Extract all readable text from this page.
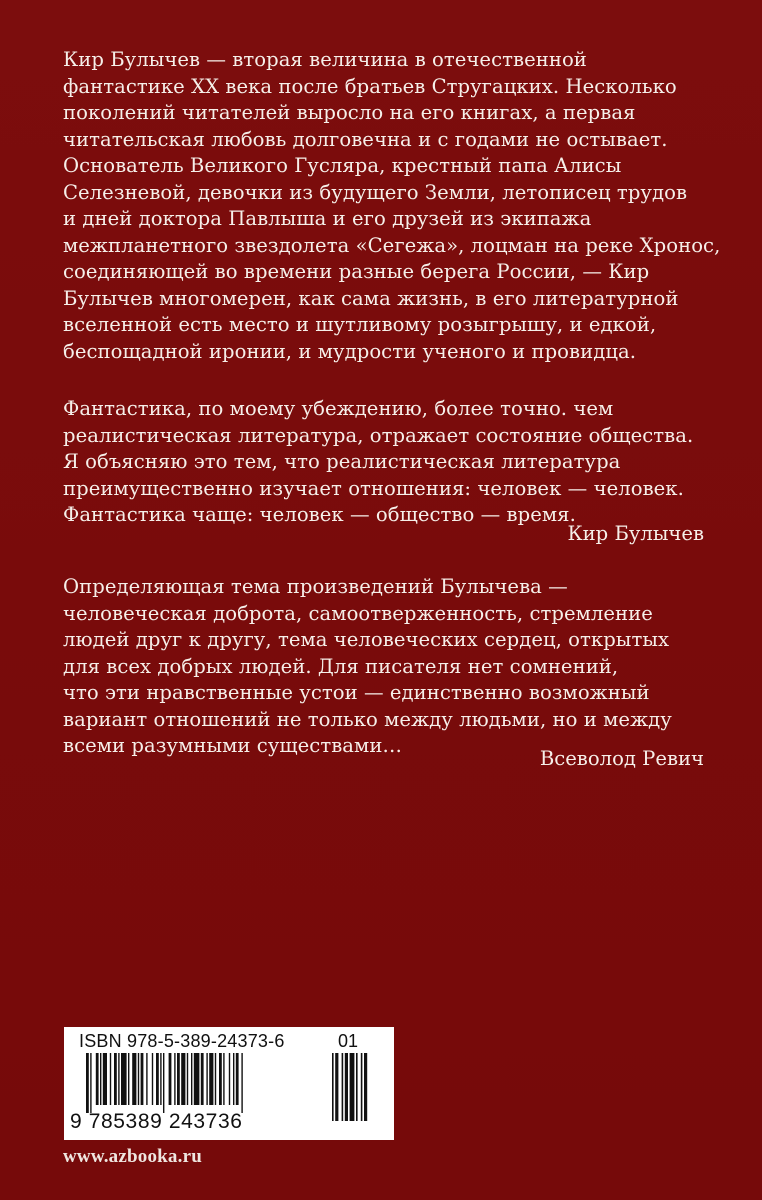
Кир Булычев — вторая величина в отечественной
фантастике XX века после братьев Стругацких. Несколько
поколений читателей выросло на его книгах, а первая
читательская любовь долговечна и с годами не остывает.
Основатель Великого Гусляра, крестный папа Алисы
Селезневой, девочки из будущего Земли, летописец трудов
и дней доктора Павлыша и его друзей из экипажа
межпланетного звездолета «Сегежа», лоцман на реке Хронос,
соединяющей во времени разные берега России, — Кир
Булычев многомерен, как сама жизнь, в его литературной
вселенной есть место и шутливому розыгрышу, и едкой,
беспощадной иронии, и мудрости ученого и провидца.
Фантастика, по моему убеждению, более точно. чем
реалистическая литература, отражает состояние общества.
Я объясняю это тем, что реалистическая литература
преимущественно изучает отношения: человек — человек.
Фантастика чаще: человек — общество — время.
Кир Булычев
Определяющая тема произведений Булычева —
человеческая доброта, самоотверженность, стремление
людей друг к другу, тема человеческих сердец, открытых
для всех добрых людей. Для писателя нет сомнений,
что эти нравственные устои — единственно возможный
вариант отношений не только между людьми, но и между
всеми разумными существами…
Всеволод Ревич
ISBN 978-5-389-24373-6	01
9 785389 243736
www.azbooka.ru
